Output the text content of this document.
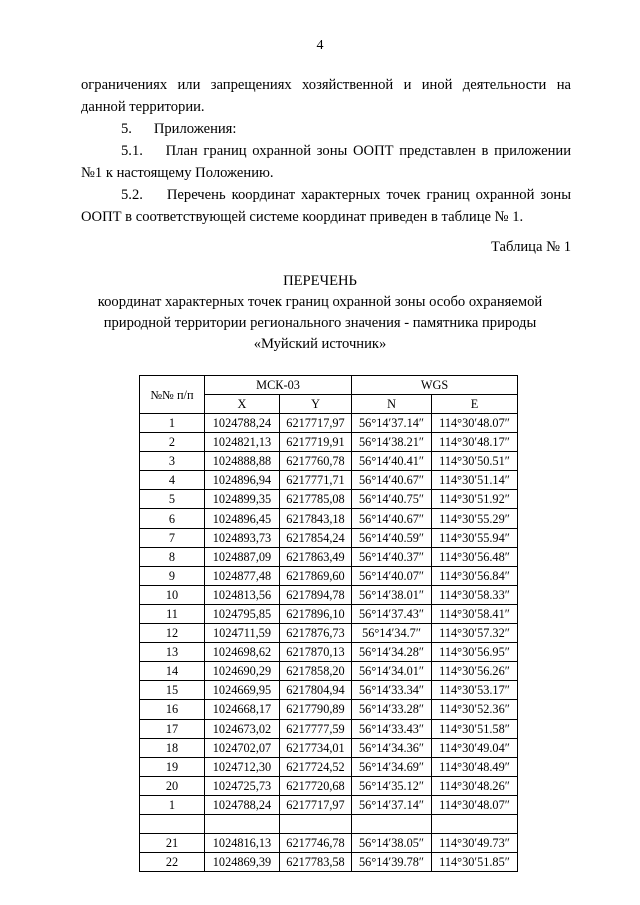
4

ограничениях или запрещениях хозяйственной и иной деятельности на

данной территории.

5.      Приложения:

5.1.    План границ охранной зоны ООПТ представлен в приложении

№1 к настоящему Положению.

5.2.    Перечень координат характерных точек границ охранной зоны

ООПТ в соответствующей системе координат приведен в таблице № 1.

Таблица № 1
ПЕРЕЧЕНЬ
координат характерных точек границ охранной зоны особо охраняемой
природной территории регионального значения - памятника природы
«Муйский источник»
№№ п/п	МСК-03		WGS	
	X	Y	N	E
1	1024788,24	6217717,97	56°14′37.14″	114°30′48.07″
2	1024821,13	6217719,91	56°14′38.21″	114°30′48.17″
3	1024888,88	6217760,78	56°14′40.41″	114°30′50.51″
4	1024896,94	6217771,71	56°14′40.67″	114°30′51.14″
5	1024899,35	6217785,08	56°14′40.75″	114°30′51.92″
6	1024896,45	6217843,18	56°14′40.67″	114°30′55.29″
7	1024893,73	6217854,24	56°14′40.59″	114°30′55.94″
8	1024887,09	6217863,49	56°14′40.37″	114°30′56.48″
9	1024877,48	6217869,60	56°14′40.07″	114°30′56.84″
10	1024813,56	6217894,78	56°14′38.01″	114°30′58.33″
11	1024795,85	6217896,10	56°14′37.43″	114°30′58.41″
12	1024711,59	6217876,73	56°14′34.7″	114°30′57.32″
13	1024698,62	6217870,13	56°14′34.28″	114°30′56.95″
14	1024690,29	6217858,20	56°14′34.01″	114°30′56.26″
15	1024669,95	6217804,94	56°14′33.34″	114°30′53.17″
16	1024668,17	6217790,89	56°14′33.28″	114°30′52.36″
17	1024673,02	6217777,59	56°14′33.43″	114°30′51.58″
18	1024702,07	6217734,01	56°14′34.36″	114°30′49.04″
19	1024712,30	6217724,52	56°14′34.69″	114°30′48.49″
20	1024725,73	6217720,68	56°14′35.12″	114°30′48.26″
1	1024788,24	6217717,97	56°14′37.14″	114°30′48.07″

21	1024816,13	6217746,78	56°14′38.05″	114°30′49.73″
22	1024869,39	6217783,58	56°14′39.78″	114°30′51.85″
